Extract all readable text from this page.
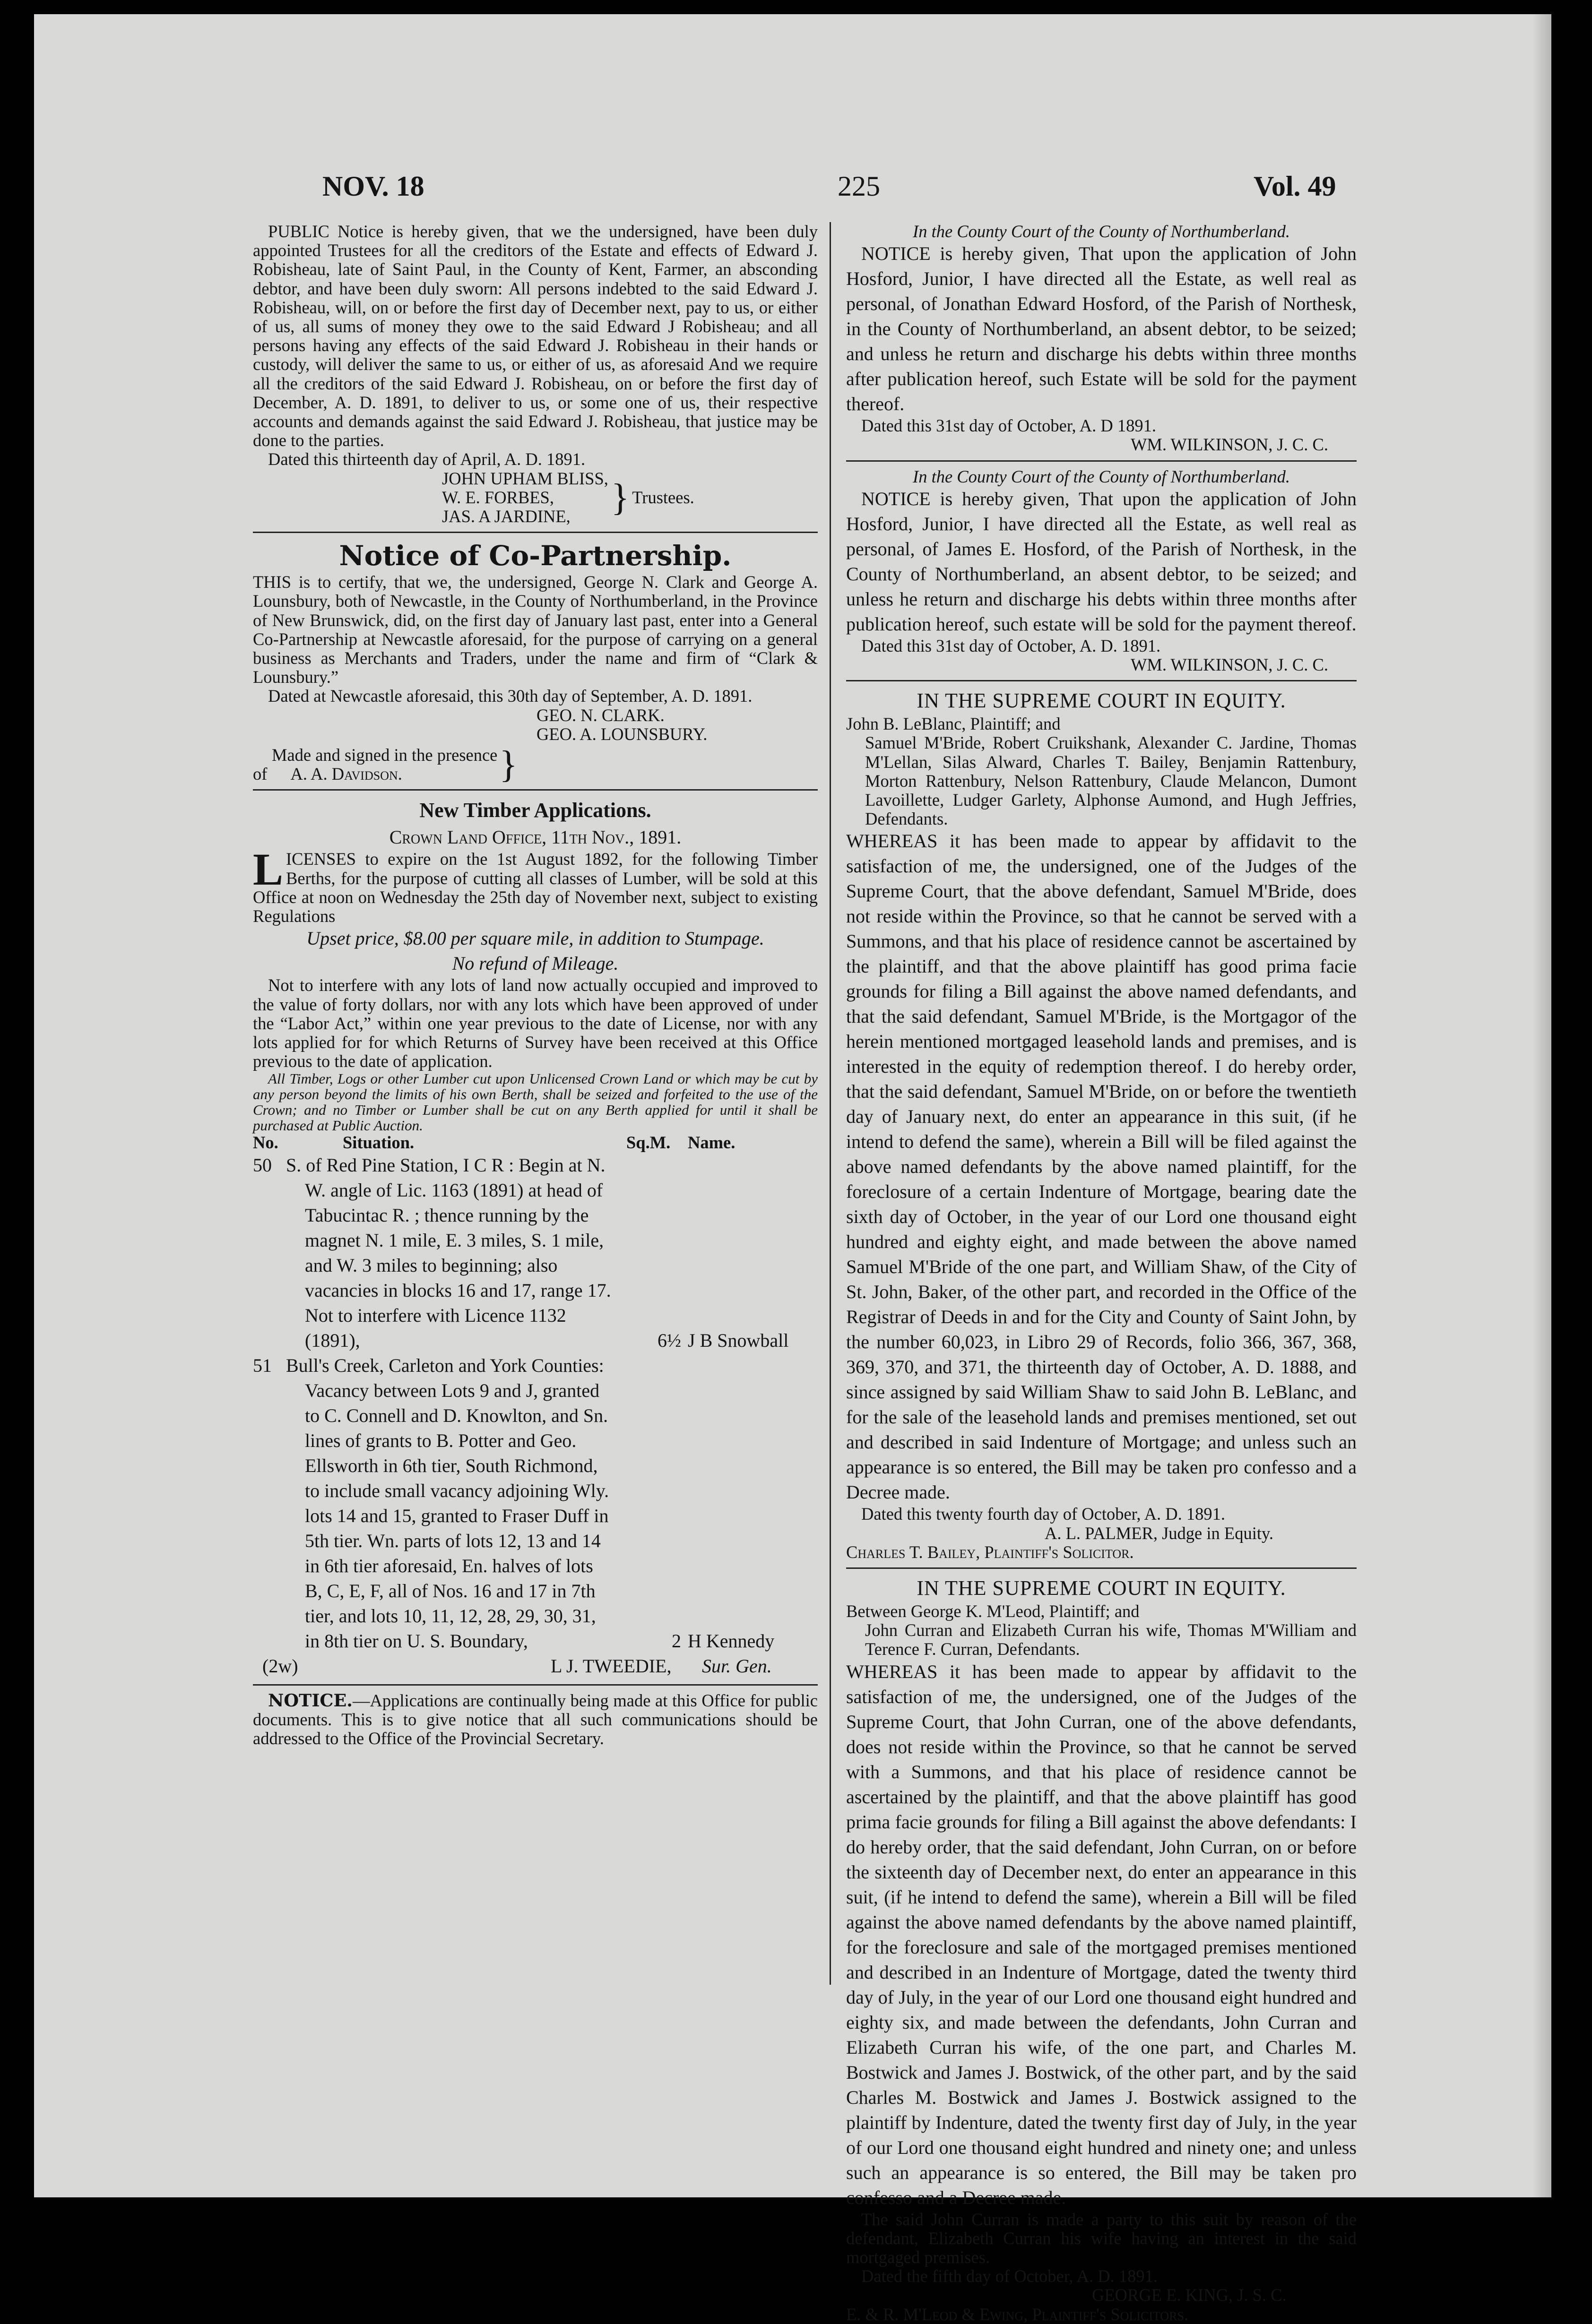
NOV. 18	225	Vol. 49

PUBLIC Notice is hereby given, that we the undersigned, have been duly appointed Trustees for all the creditors of the Estate and effects of Edward J. Robisheau, late of Saint Paul, in the County of Kent, Farmer, an absconding debtor, and have been duly sworn: All persons indebted to the said Edward J. Robisheau, will, on or before the first day of December next, pay to us, or either of us, all sums of money they owe to the said Edward J Robisheau; and all persons having any effects of the said Edward J. Robisheau in their hands or custody, will deliver the same to us, or either of us, as aforesaid And we require all the creditors of the said Edward J. Robisheau, on or before the first day of December, A. D. 1891, to deliver to us, or some one of us, their respective accounts and demands against the said Edward J. Robisheau, that justice may be done to the parties.

Dated this thirteenth day of April, A. D. 1891.

JOHN UPHAM BLISS,
W. E. FORBES,
JAS. A JARDINE,	}	Trustees.
Notice of Co-Partnership.

THIS is to certify, that we, the undersigned, George N. Clark and George A. Lounsbury, both of Newcastle, in the County of Northumberland, in the Province of New Brunswick, did, on the first day of January last past, enter into a General Co-Partnership at Newcastle aforesaid, for the purpose of carrying on a general business as Merchants and Traders, under the name and firm of “Clark & Lounsbury.”

Dated at Newcastle aforesaid, this 30th day of September, A. D. 1891.

GEO. N. CLARK.
GEO. A. LOUNSBURY.
Made and signed in the presence
of A. A. Davidson.	}
New Timber Applications.
Crown Land Office, 11th Nov., 1891.

LICENSES to expire on the 1st August 1892, for the following Timber Berths, for the purpose of cutting all classes of Lumber, will be sold at this Office at noon on Wednesday the 25th day of November next, subject to existing Regulations

Upset price, $8.00 per square mile, in addition to Stumpage.
No refund of Mileage.

Not to interfere with any lots of land now actually occupied and improved to the value of forty dollars, nor with any lots which have been approved of under the “Labor Act,” within one year previous to the date of License, nor with any lots applied for for which Returns of Survey have been received at this Office previous to the date of application.

All Timber, Logs or other Lumber cut upon Unlicensed Crown Land or which may be cut by any person beyond the limits of his own Berth, shall be seized and forfeited to the use of the Crown; and no Timber or Lumber shall be cut on any Berth applied for until it shall be purchased at Public Auction.

No.	Situation.	Sq.M.	Name.
50	S. of Red Pine Station, I C R : Begin at N. W. angle of Lic. 1163 (1891) at head of Tabucintac R. ; thence running by the magnet N. 1 mile, E. 3 miles, S. 1 mile, and W. 3 miles to beginning; also vacancies in blocks 16 and 17, range 17. Not to interfere with Licence 1132 (1891),	6½	J B Snowball
51	Bull's Creek, Carleton and York Counties: Vacancy between Lots 9 and J, granted to C. Connell and D. Knowlton, and Sn. lines of grants to B. Potter and Geo. Ellsworth in 6th tier, South Richmond, to include small vacancy adjoining Wly. lots 14 and 15, granted to Fraser Duff in 5th tier. Wn. parts of lots 12, 13 and 14 in 6th tier aforesaid, En. halves of lots B, C, E, F, all of Nos. 16 and 17 in 7th tier, and lots 10, 11, 12, 28, 29, 30, 31, in 8th tier on U. S. Boundary,	2	H Kennedy
(2w)	L J. TWEEDIE, Sur. Gen.

NOTICE.—Applications are continually being made at this Office for public documents. This is to give notice that all such communications should be addressed to the Office of the Provincial Secretary.

In the County Court of the County of Northumberland.

NOTICE is hereby given, That upon the application of John Hosford, Junior, I have directed all the Estate, as well real as personal, of Jonathan Edward Hosford, of the Parish of Northesk, in the County of Northumberland, an absent debtor, to be seized; and unless he return and discharge his debts within three months after publication hereof, such Estate will be sold for the payment thereof.

Dated this 31st day of October, A. D 1891.

WM. WILKINSON, J. C. C.
In the County Court of the County of Northumberland.

NOTICE is hereby given, That upon the application of John Hosford, Junior, I have directed all the Estate, as well real as personal, of James E. Hosford, of the Parish of Northesk, in the County of Northumberland, an absent debtor, to be seized; and unless he return and discharge his debts within three months after publication hereof, such estate will be sold for the payment thereof.

Dated this 31st day of October, A. D. 1891.

WM. WILKINSON, J. C. C.
IN THE SUPREME COURT IN EQUITY.
John B. LeBlanc, Plaintiff; and

Samuel M'Bride, Robert Cruikshank, Alexander C. Jardine, Thomas M'Lellan, Silas Alward, Charles T. Bailey, Benjamin Rattenbury, Morton Rattenbury, Nelson Rattenbury, Claude Melancon, Dumont Lavoillette, Ludger Garlety, Alphonse Aumond, and Hugh Jeffries, Defendants.

WHEREAS it has been made to appear by affidavit to the satisfaction of me, the undersigned, one of the Judges of the Supreme Court, that the above defendant, Samuel M'Bride, does not reside within the Province, so that he cannot be served with a Summons, and that his place of residence cannot be ascertained by the plaintiff, and that the above plaintiff has good prima facie grounds for filing a Bill against the above named defendants, and that the said defendant, Samuel M'Bride, is the Mortgagor of the herein mentioned mortgaged leasehold lands and premises, and is interested in the equity of redemption thereof. I do hereby order, that the said defendant, Samuel M'Bride, on or before the twentieth day of January next, do enter an appearance in this suit, (if he intend to defend the same), wherein a Bill will be filed against the above named defendants by the above named plaintiff, for the foreclosure of a certain Indenture of Mortgage, bearing date the sixth day of October, in the year of our Lord one thousand eight hundred and eighty eight, and made between the above named Samuel M'Bride of the one part, and William Shaw, of the City of St. John, Baker, of the other part, and recorded in the Office of the Registrar of Deeds in and for the City and County of Saint John, by the number 60,023, in Libro 29 of Records, folio 366, 367, 368, 369, 370, and 371, the thirteenth day of October, A. D. 1888, and since assigned by said William Shaw to said John B. LeBlanc, and for the sale of the leasehold lands and premises mentioned, set out and described in said Indenture of Mortgage; and unless such an appearance is so entered, the Bill may be taken pro confesso and a Decree made.

Dated this twenty fourth day of October, A. D. 1891.

A. L. PALMER, Judge in Equity.
Charles T. Bailey, Plaintiff's Solicitor.
IN THE SUPREME COURT IN EQUITY.
Between George K. M'Leod, Plaintiff; and

John Curran and Elizabeth Curran his wife, Thomas M'William and Terence F. Curran, Defendants.

WHEREAS it has been made to appear by affidavit to the satisfaction of me, the undersigned, one of the Judges of the Supreme Court, that John Curran, one of the above defendants, does not reside within the Province, so that he cannot be served with a Summons, and that his place of residence cannot be ascertained by the plaintiff, and that the above plaintiff has good prima facie grounds for filing a Bill against the above defendants: I do hereby order, that the said defendant, John Curran, on or before the sixteenth day of December next, do enter an appearance in this suit, (if he intend to defend the same), wherein a Bill will be filed against the above named defendants by the above named plaintiff, for the foreclosure and sale of the mortgaged premises mentioned and described in an Indenture of Mortgage, dated the twenty third day of July, in the year of our Lord one thousand eight hundred and eighty six, and made between the defendants, John Curran and Elizabeth Curran his wife, of the one part, and Charles M. Bostwick and James J. Bostwick, of the other part, and by the said Charles M. Bostwick and James J. Bostwick assigned to the plaintiff by Indenture, dated the twenty first day of July, in the year of our Lord one thousand eight hundred and ninety one; and unless such an appearance is so entered, the Bill may be taken pro confesso and a Decree made.

The said John Curran is made a party to this suit by reason of the defendant, Elizabeth Curran his wife having an interest in the said mortgaged premises.

Dated the fifth day of October, A. D. 1891.

GEORGE E. KING, J. S. C.
E. & R. M'Leod & Ewing, Plaintiff's Solicitors.
